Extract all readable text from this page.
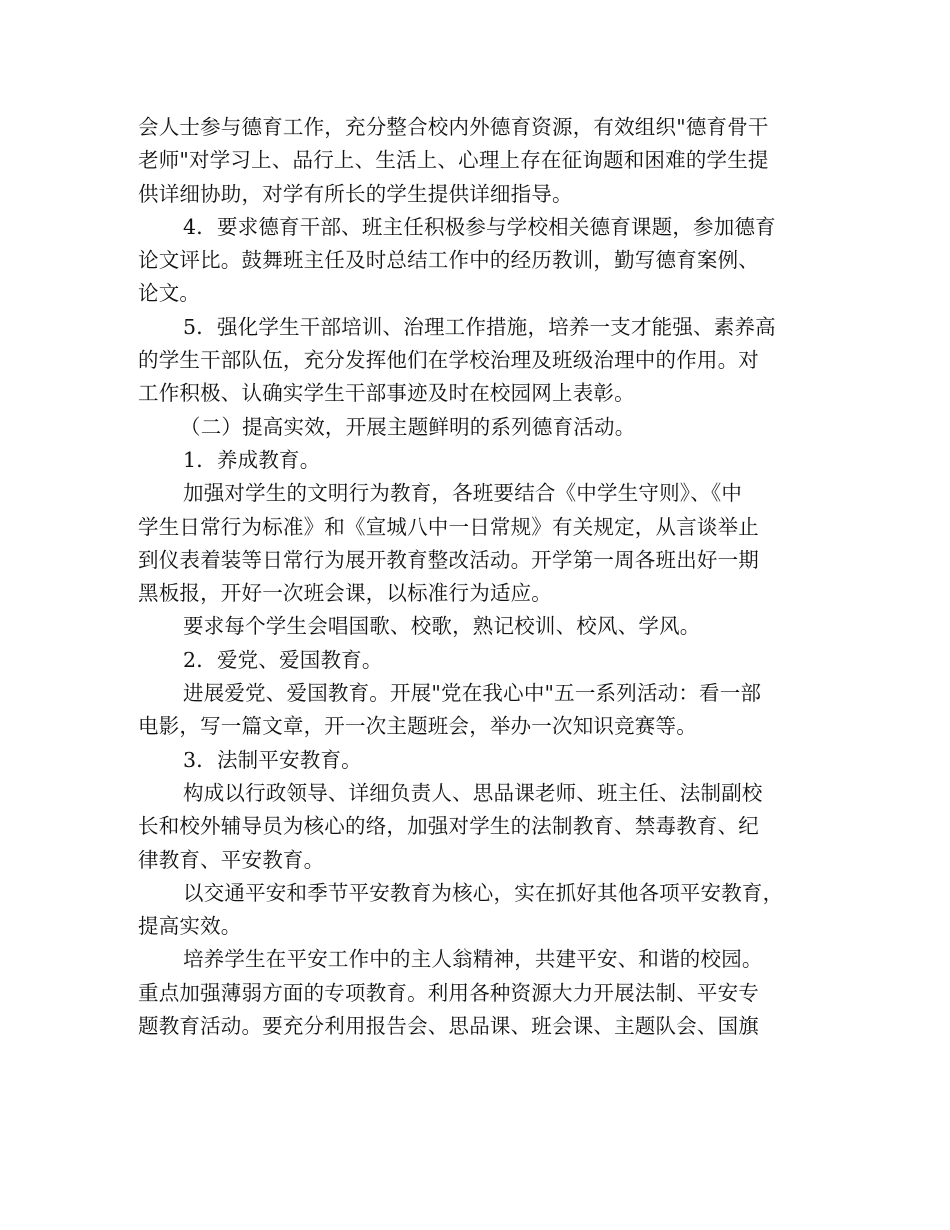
会人士参与德育工作，充分整合校内外德育资源，有效组织"德育骨干
老师"对学习上、品行上、生活上、心理上存在征询题和困难的学生提
供详细协助，对学有所长的学生提供详细指导。
4．要求德育干部、班主任积极参与学校相关德育课题，参加德育
论文评比。鼓舞班主任及时总结工作中的经历教训，勤写德育案例、
论文。
5．强化学生干部培训、治理工作措施，培养一支才能强、素养高
的学生干部队伍，充分发挥他们在学校治理及班级治理中的作用。对
工作积极、认确实学生干部事迹及时在校园网上表彰。
（二）提高实效，开展主题鲜明的系列德育活动。
1．养成教育。
加强对学生的文明行为教育，各班要结合《中学生守则》、《中
学生日常行为标准》和《宣城八中一日常规》有关规定，从言谈举止
到仪表着装等日常行为展开教育整改活动。开学第一周各班出好一期
黑板报，开好一次班会课，以标准行为适应。
要求每个学生会唱国歌、校歌，熟记校训、校风、学风。
2．爱党、爱国教育。
进展爱党、爱国教育。开展"党在我心中"五一系列活动：看一部
电影，写一篇文章，开一次主题班会，举办一次知识竞赛等。
3．法制平安教育。
构成以行政领导、详细负责人、思品课老师、班主任、法制副校
长和校外辅导员为核心的络，加强对学生的法制教育、禁毒教育、纪
律教育、平安教育。
以交通平安和季节平安教育为核心，实在抓好其他各项平安教育，
提高实效。
培养学生在平安工作中的主人翁精神，共建平安、和谐的校园。
重点加强薄弱方面的专项教育。利用各种资源大力开展法制、平安专
题教育活动。要充分利用报告会、思品课、班会课、主题队会、国旗
